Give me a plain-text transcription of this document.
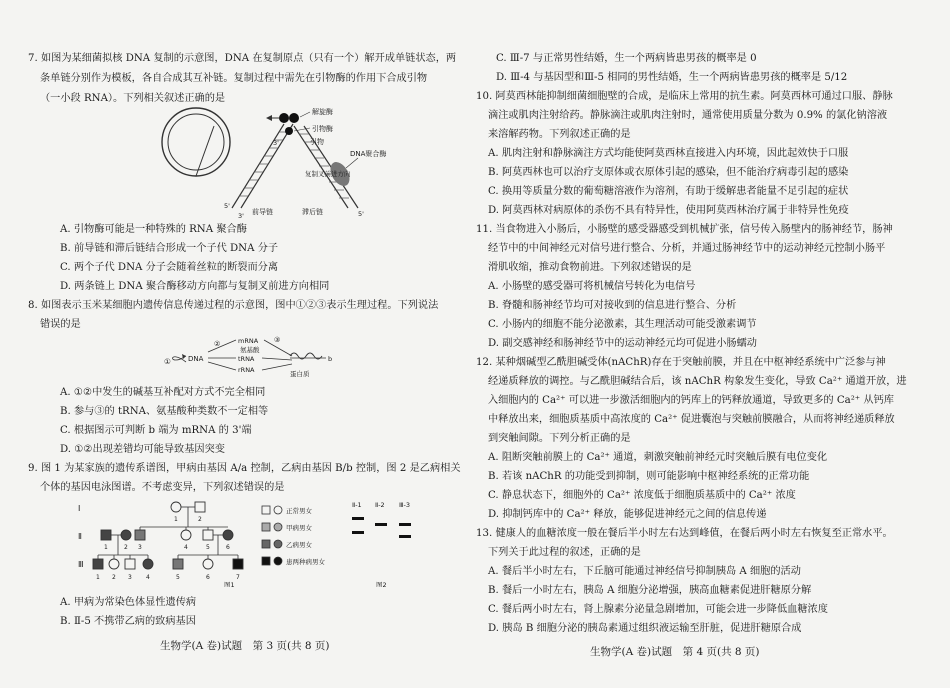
7. 如图为某细菌拟核 DNA 复制的示意图，DNA 在复制原点（只有一个）解开成单链状态，两
条单链分别作为模板，各自合成其互补链。复制过程中需先在引物酶的作用下合成引物
（一小段 RNA）。下列相关叙述正确的是
解旋酶
引物酶
引物
DNA聚合酶
复制叉前进方向
前导链	滞后链
3'
5'
3'	5'
A. 引物酶可能是一种特殊的 RNA 聚合酶
B. 前导链和滞后链结合形成一个子代 DNA 分子
C. 两个子代 DNA 分子会随着丝粒的断裂而分离
D. 两条链上 DNA 聚合酶移动方向都与复制叉前进方向相同
8. 如图表示玉米某细胞内遗传信息传递过程的示意图，图中①②③表示生理过程。下列说法
错误的是
① DNA
②	mRNA
氨基酸
tRNA
rRNA
③
b
蛋白质
A. ①②中发生的碱基互补配对方式不完全相同
B. 参与③的 tRNA、氨基酸种类数不一定相等
C. 根据图示可判断 b 端为 mRNA 的 3'端
D. ①②出现差错均可能导致基因突变
9. 图 1 为某家族的遗传系谱图，甲病由基因 A/a 控制，乙病由基因 B/b 控制，图 2 是乙病相关
个体的基因电泳图谱。不考虑变异，下列叙述错误的是
Ⅰ
Ⅱ
Ⅲ
1	2
1	2 3	4	5	6
1 2 3 4	5	6	7
图1
正常男女
甲病男女
乙病男女
患两种病男女
Ⅱ-1 Ⅱ-2 Ⅲ-3
图2
A. 甲病为常染色体显性遗传病
B. Ⅱ-5 不携带乙病的致病基因
生物学(A 卷)试题　第 3 页(共 8 页)
C. Ⅲ-7 与正常男性结婚，生一个两病皆患男孩的概率是 0
D. Ⅲ-4 与基因型和Ⅲ-5 相同的男性结婚，生一个两病皆患男孩的概率是 5/12
10. 阿莫西林能抑制细菌细胞壁的合成，是临床上常用的抗生素。阿莫西林可通过口服、静脉
滴注或肌肉注射给药。静脉滴注或肌肉注射时，通常使用质量分数为 0.9% 的氯化钠溶液
来溶解药物。下列叙述正确的是
A. 肌肉注射和静脉滴注方式均能使阿莫西林直接进入内环境，因此起效快于口服
B. 阿莫西林也可以治疗支原体或衣原体引起的感染，但不能治疗病毒引起的感染
C. 换用等质量分数的葡萄糖溶液作为溶剂，有助于缓解患者能量不足引起的症状
D. 阿莫西林对病原体的杀伤不具有特异性，使用阿莫西林治疗属于非特异性免疫
11. 当食物进入小肠后，小肠壁的感受器感受到机械扩张，信号传入肠壁内的肠神经节，肠神
经节中的中间神经元对信号进行整合、分析，并通过肠神经节中的运动神经元控制小肠平
滑肌收缩，推动食物前进。下列叙述错误的是
A. 小肠壁的感受器可将机械信号转化为电信号
B. 脊髓和肠神经节均可对接收到的信息进行整合、分析
C. 小肠内的细胞不能分泌激素，其生理活动可能受激素调节
D. 副交感神经和肠神经节中的运动神经元均可促进小肠蠕动
12. 某种烟碱型乙酰胆碱受体(nAChR)存在于突触前膜，并且在中枢神经系统中广泛参与神
经递质释放的调控。与乙酰胆碱结合后，该 nAChR 构象发生变化，导致 Ca²⁺ 通道开放，进
入细胞内的 Ca²⁺ 可以进一步激活细胞内的钙库上的钙释放通道，导致更多的 Ca²⁺ 从钙库
中释放出来，细胞质基质中高浓度的 Ca²⁺ 促进囊泡与突触前膜融合，从而将神经递质释放
到突触间隙。下列分析正确的是
A. 阻断突触前膜上的 Ca²⁺ 通道，刺激突触前神经元时突触后膜有电位变化
B. 若该 nAChR 的功能受到抑制，则可能影响中枢神经系统的正常功能
C. 静息状态下，细胞外的 Ca²⁺ 浓度低于细胞质基质中的 Ca²⁺ 浓度
D. 抑制钙库中的 Ca²⁺ 释放，能够促进神经元之间的信息传递
13. 健康人的血糖浓度一般在餐后半小时左右达到峰值，在餐后两小时左右恢复至正常水平。
下列关于此过程的叙述，正确的是
A. 餐后半小时左右，下丘脑可能通过神经信号抑制胰岛 A 细胞的活动
B. 餐后一小时左右，胰岛 A 细胞分泌增强，胰高血糖素促进肝糖原分解
C. 餐后两小时左右，肾上腺素分泌量急剧增加，可能会进一步降低血糖浓度
D. 胰岛 B 细胞分泌的胰岛素通过组织液运输至肝脏，促进肝糖原合成
生物学(A 卷)试题　第 4 页(共 8 页)
